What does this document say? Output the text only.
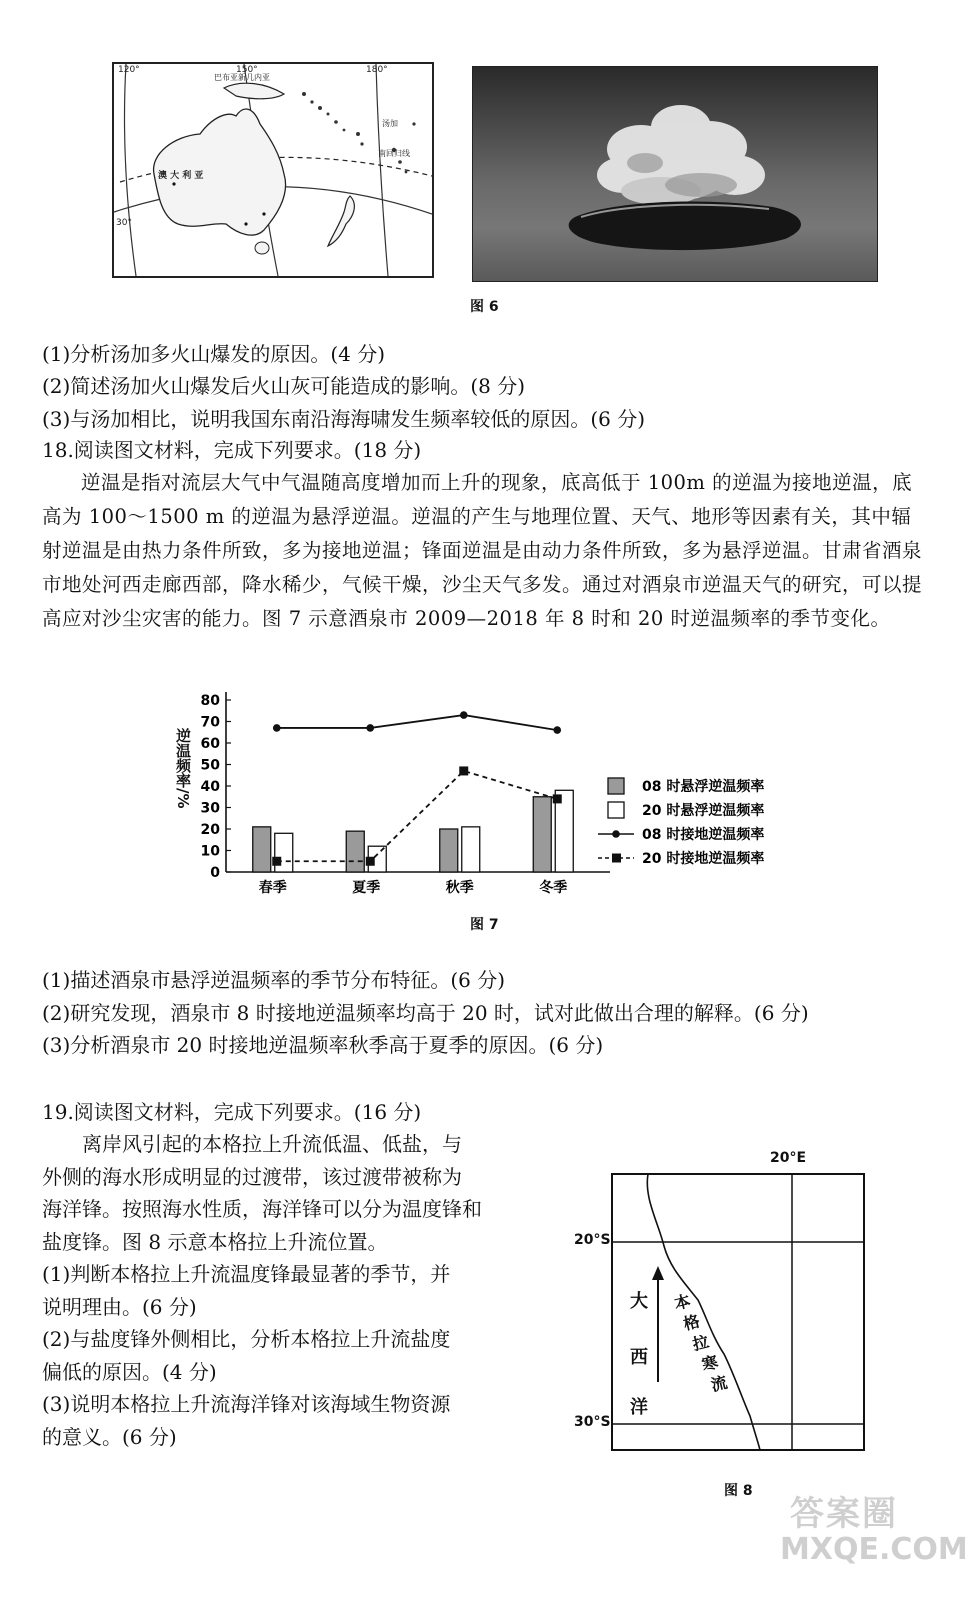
120°	150°	180°
30°
巴布亚新几内亚
汤加
南回归线
澳 大 利 亚
图 6
(1)分析汤加多火山爆发的原因。(4 分)
(2)简述汤加火山爆发后火山灰可能造成的影响。(8 分)
(3)与汤加相比，说明我国东南沿海海啸发生频率较低的原因。(6 分)
18.阅读图文材料，完成下列要求。(18 分)
逆温是指对流层大气中气温随高度增加而上升的现象，底高低于 100m 的逆温为接地逆温，底高为 100～1500 m 的逆温为悬浮逆温。逆温的产生与地理位置、天气、地形等因素有关，其中辐射逆温是由热力条件所致，多为接地逆温；锋面逆温是由动力条件所致，多为悬浮逆温。甘肃省酒泉市地处河西走廊西部，降水稀少，气候干燥，沙尘天气多发。通过对酒泉市逆温天气的研究，可以提高应对沙尘灾害的能力。图 7 示意酒泉市 2009—2018 年 8 时和 20 时逆温频率的季节变化。
0
10
20
30
40
50
60
70
80
春季	夏季	秋季	冬季
08 时悬浮逆温频率
20 时悬浮逆温频率
08 时接地逆温频率
20 时接地逆温频率
逆温频率/%
图 7
(1)描述酒泉市悬浮逆温频率的季节分布特征。(6 分)
(2)研究发现，酒泉市 8 时接地逆温频率均高于 20 时，试对此做出合理的解释。(6 分)
(3)分析酒泉市 20 时接地逆温频率秋季高于夏季的原因。(6 分)
19.阅读图文材料，完成下列要求。(16 分)
离岸风引起的本格拉上升流低温、低盐，与
外侧的海水形成明显的过渡带，该过渡带被称为
海洋锋。按照海水性质，海洋锋可以分为温度锋和
盐度锋。图 8 示意本格拉上升流位置。
(1)判断本格拉上升流温度锋最显著的季节，并
说明理由。(6 分)
(2)与盐度锋外侧相比，分析本格拉上升流盐度
偏低的原因。(4 分)
(3)说明本格拉上升流海洋锋对该海域生物资源
的意义。(6 分)
20°E
20°S
30°S
大
西
洋
本
格
拉
寒
流
图 8
答案圈
MXQE.COM
